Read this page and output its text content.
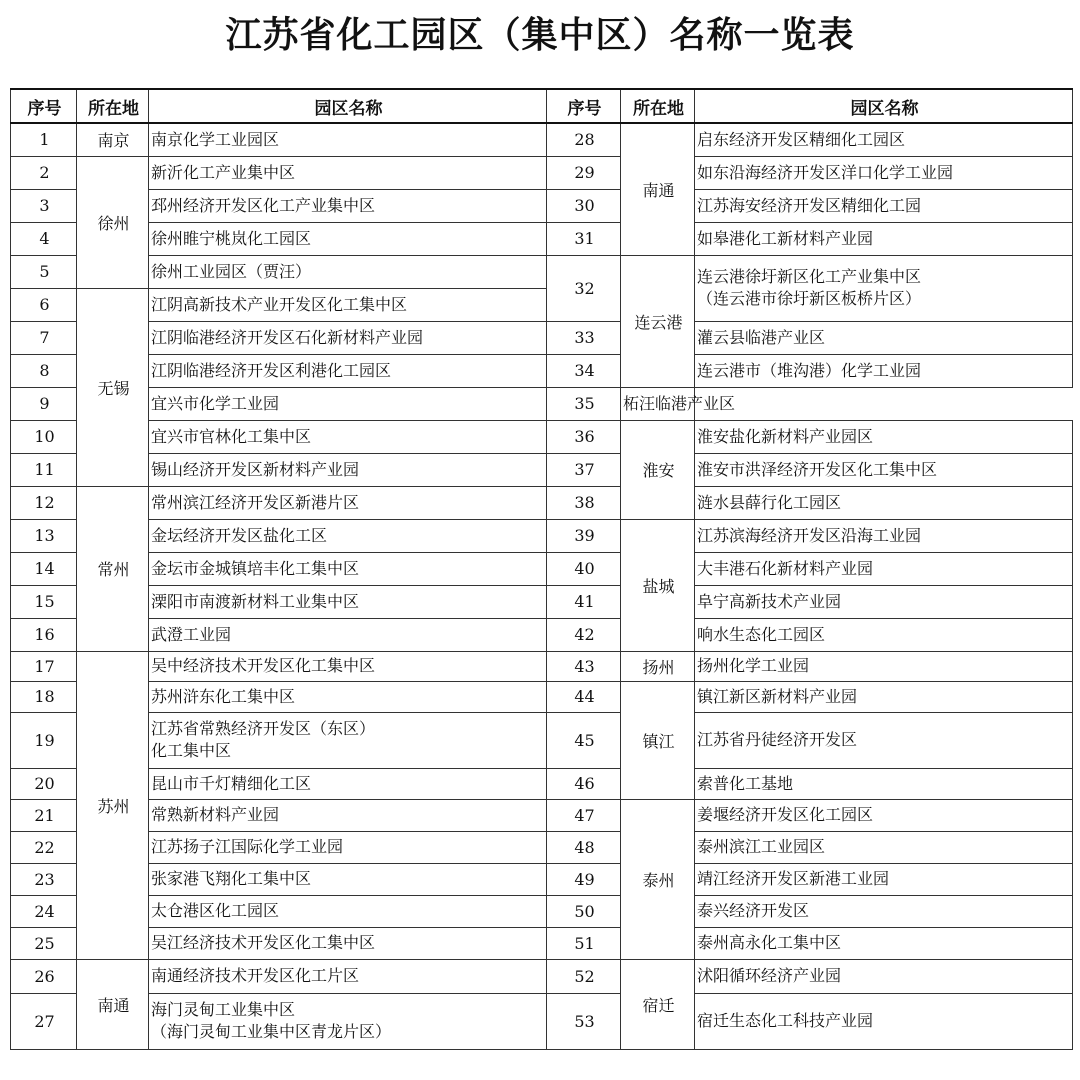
江苏省化工园区（集中区）名称一览表
序号	所在地	园区名称	序号	所在地	园区名称
1	南京	南京化学工业园区	28	南通	启东经济开发区精细化工园区
2	徐州	新沂化工产业集中区	29		如东沿海经济开发区洋口化学工业园
3		邳州经济开发区化工产业集中区	30		江苏海安经济开发区精细化工园
4		徐州睢宁桃岚化工园区	31		如皋港化工新材料产业园
5		徐州工业园区（贾汪）	32	连云港	连云港徐圩新区化工产业集中区
（连云港市徐圩新区板桥片区）

6	无锡	江阴高新技术产业开发区化工集中区			
7		江阴临港经济开发区石化新材料产业园	33		灌云县临港产业区
8		江阴临港经济开发区利港化工园区	34		连云港市（堆沟港）化学工业园
9		宜兴市化学工业园	35	柘汪临港产业区	
10		宜兴市官林化工集中区	36	淮安	淮安盐化新材料产业园区
11		锡山经济开发区新材料产业园	37		淮安市洪泽经济开发区化工集中区
12	常州	常州滨江经济开发区新港片区	38		涟水县薛行化工园区
13		金坛经济开发区盐化工区	39	盐城	江苏滨海经济开发区沿海工业园
14		金坛市金城镇培丰化工集中区	40		大丰港石化新材料产业园
15		溧阳市南渡新材料工业集中区	41		阜宁高新技术产业园
16		武澄工业园	42		响水生态化工园区
17	苏州	吴中经济技术开发区化工集中区	43	扬州	扬州化学工业园
18		苏州浒东化工集中区	44	镇江	镇江新区新材料产业园
19		江苏省常熟经济开发区（东区）
化工集中区	45		江苏省丹徒经济开发区
20		昆山市千灯精细化工区	46		索普化工基地
21		常熟新材料产业园	47	泰州	姜堰经济开发区化工园区
22		江苏扬子江国际化学工业园	48		泰州滨江工业园区
23		张家港飞翔化工集中区	49		靖江经济开发区新港工业园
24		太仓港区化工园区	50		泰兴经济开发区
25		吴江经济技术开发区化工集中区	51		泰州高永化工集中区
26	南通	南通经济技术开发区化工片区	52	宿迁	沭阳循环经济产业园
27		海门灵甸工业集中区
（海门灵甸工业集中区青龙片区）	53		宿迁生态化工科技产业园
